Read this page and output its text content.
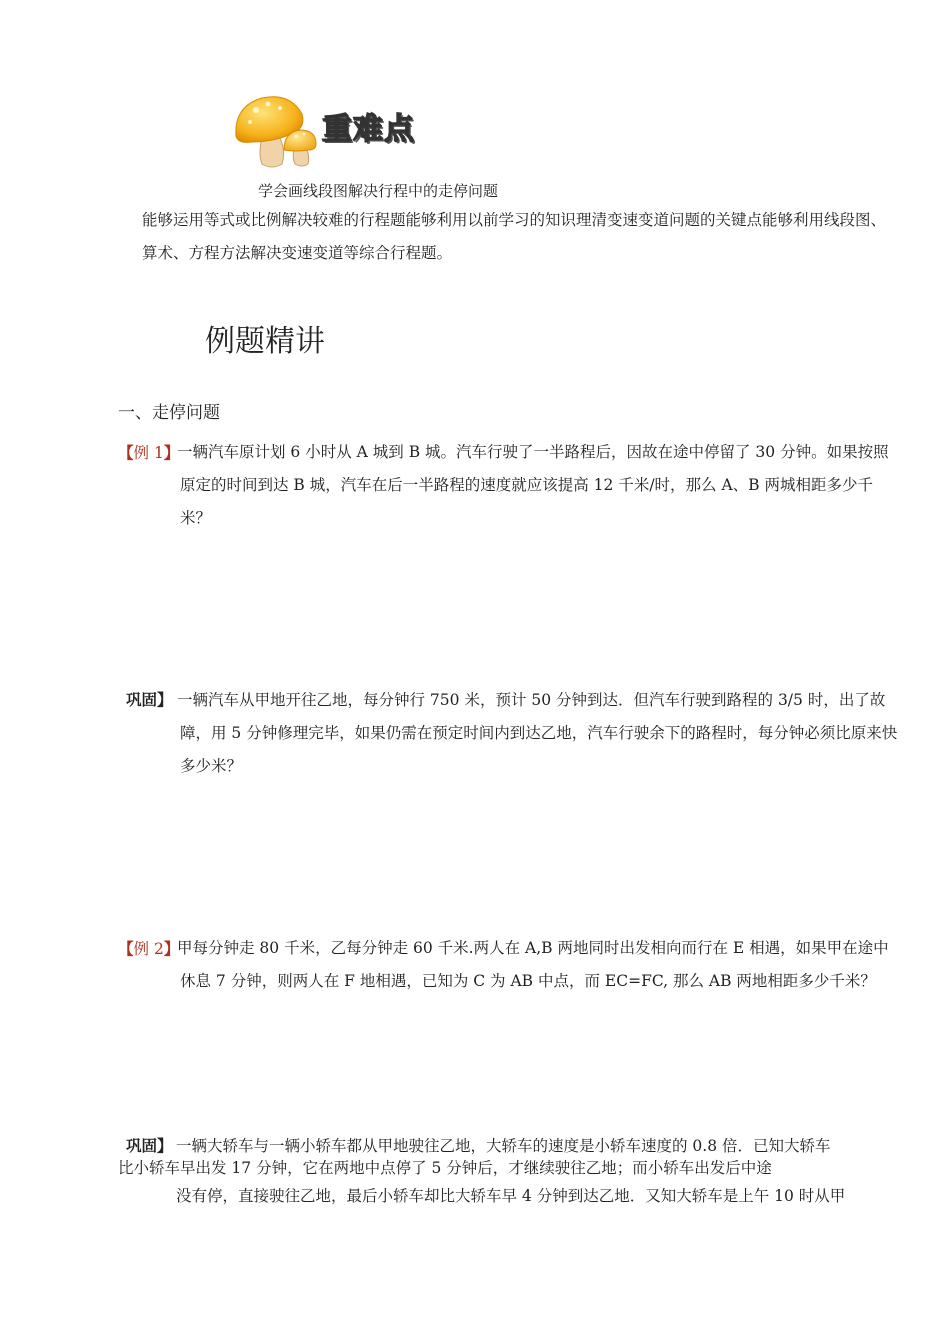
重难点
学会画线段图解决行程中的走停问题
能够运用等式或比例解决较难的行程题能够利用以前学习的知识理清变速变道问题的关键点能够利用线段图、算术、方程方法解决变速变道等综合行程题。
例题精讲
一、走停问题
【例 1】
一辆汽车原计划 6 小时从 A 城到 B 城。汽车行驶了一半路程后，因故在途中停留了 30 分钟。如果按照原定的时间到达 B 城，汽车在后一半路程的速度就应该提高 12 千米/时，那么 A、B 两城相距多少千米？
巩固】 一辆汽车从甲地开往乙地，每分钟行 750 米，预计 50 分钟到达．但汽车行驶到路程的 3/5 时，出了故障，用 5 分钟修理完毕，如果仍需在预定时间内到达乙地，汽车行驶余下的路程时，每分钟必须比原来快多少米？
【例 2】
甲每分钟走 80 千米，乙每分钟走 60 千米.两人在 A,B 两地同时出发相向而行在 E 相遇，如果甲在途中休息 7 分钟，则两人在 F 地相遇，已知为 C 为 AB 中点，而 EC=FC, 那么 AB 两地相距多少千米？
巩固】 一辆大轿车与一辆小轿车都从甲地驶往乙地，大轿车的速度是小轿车速度的 0.8 倍．已知大轿车
比小轿车早出发 17 分钟，它在两地中点停了 5 分钟后，才继续驶往乙地；而小轿车出发后中途
没有停，直接驶往乙地，最后小轿车却比大轿车早 4 分钟到达乙地．又知大轿车是上午 10 时从甲
